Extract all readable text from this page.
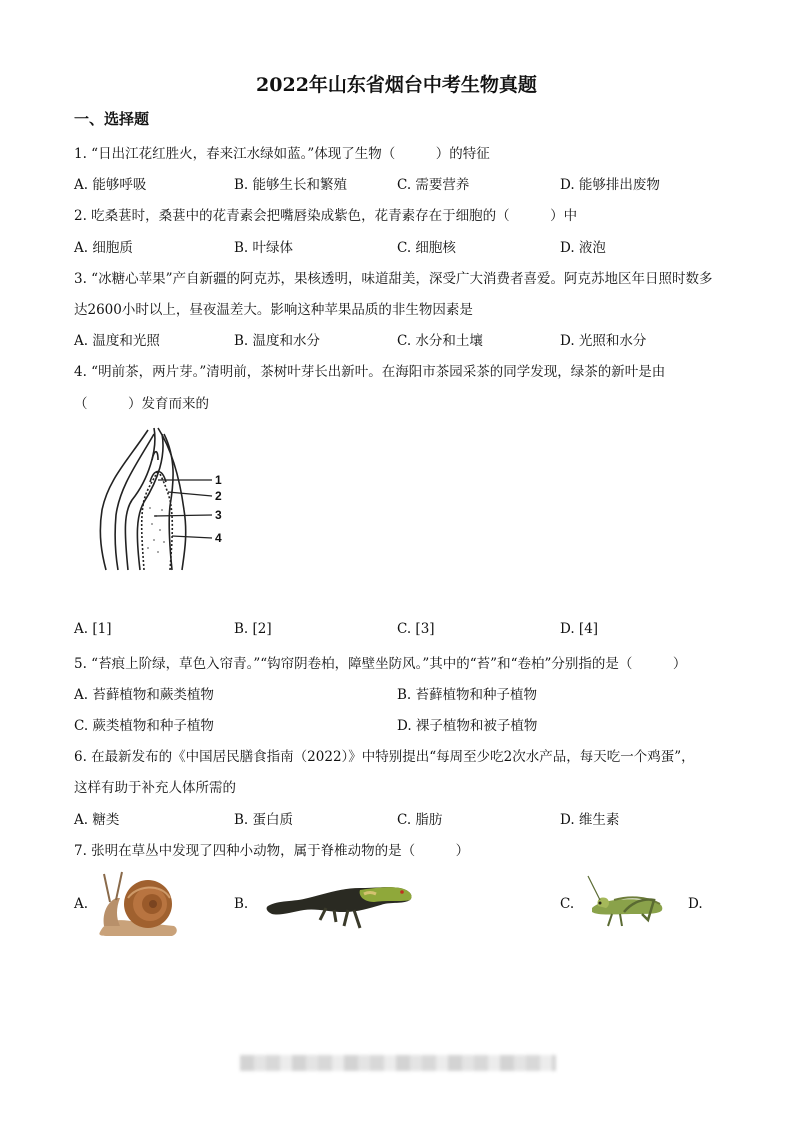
2022年山东省烟台中考生物真题
一、选择题
1. “日出江花红胜火，春来江水绿如蓝。”体现了生物（　　　）的特征
A. 能够呼吸	B. 能够生长和繁殖	C. 需要营养	D. 能够排出废物
2. 吃桑葚时，桑葚中的花青素会把嘴唇染成紫色，花青素存在于细胞的（　　　）中
A. 细胞质	B. 叶绿体	C. 细胞核	D. 液泡
3. “冰糖心苹果”产自新疆的阿克苏，果核透明，味道甜美，深受广大消费者喜爱。阿克苏地区年日照时数多
达2600小时以上，昼夜温差大。影响这种苹果品质的非生物因素是
A. 温度和光照	B. 温度和水分	C. 水分和土壤	D. 光照和水分
4. “明前茶，两片芽。”清明前，茶树叶芽长出新叶。在海阳市茶园采茶的同学发现，绿茶的新叶是由
（　　　）发育而来的
1
2
3
4
A. [1]	B. [2]	C. [3]	D. [4]
5. “苔痕上阶绿，草色入帘青。”“钩帘阴卷柏，障壁坐防风。”其中的“苔”和“卷柏”分别指的是（　　　）
A. 苔藓植物和蕨类植物	B. 苔藓植物和种子植物
C. 蕨类植物和种子植物	D. 裸子植物和被子植物
6. 在最新发布的《中国居民膳食指南（2022）》中特别提出“每周至少吃2次水产品，每天吃一个鸡蛋”，
这样有助于补充人体所需的
A. 糖类	B. 蛋白质	C. 脂肪	D. 维生素
7. 张明在草丛中发现了四种小动物，属于脊椎动物的是（　　　）
A.	B.	C.	D.
